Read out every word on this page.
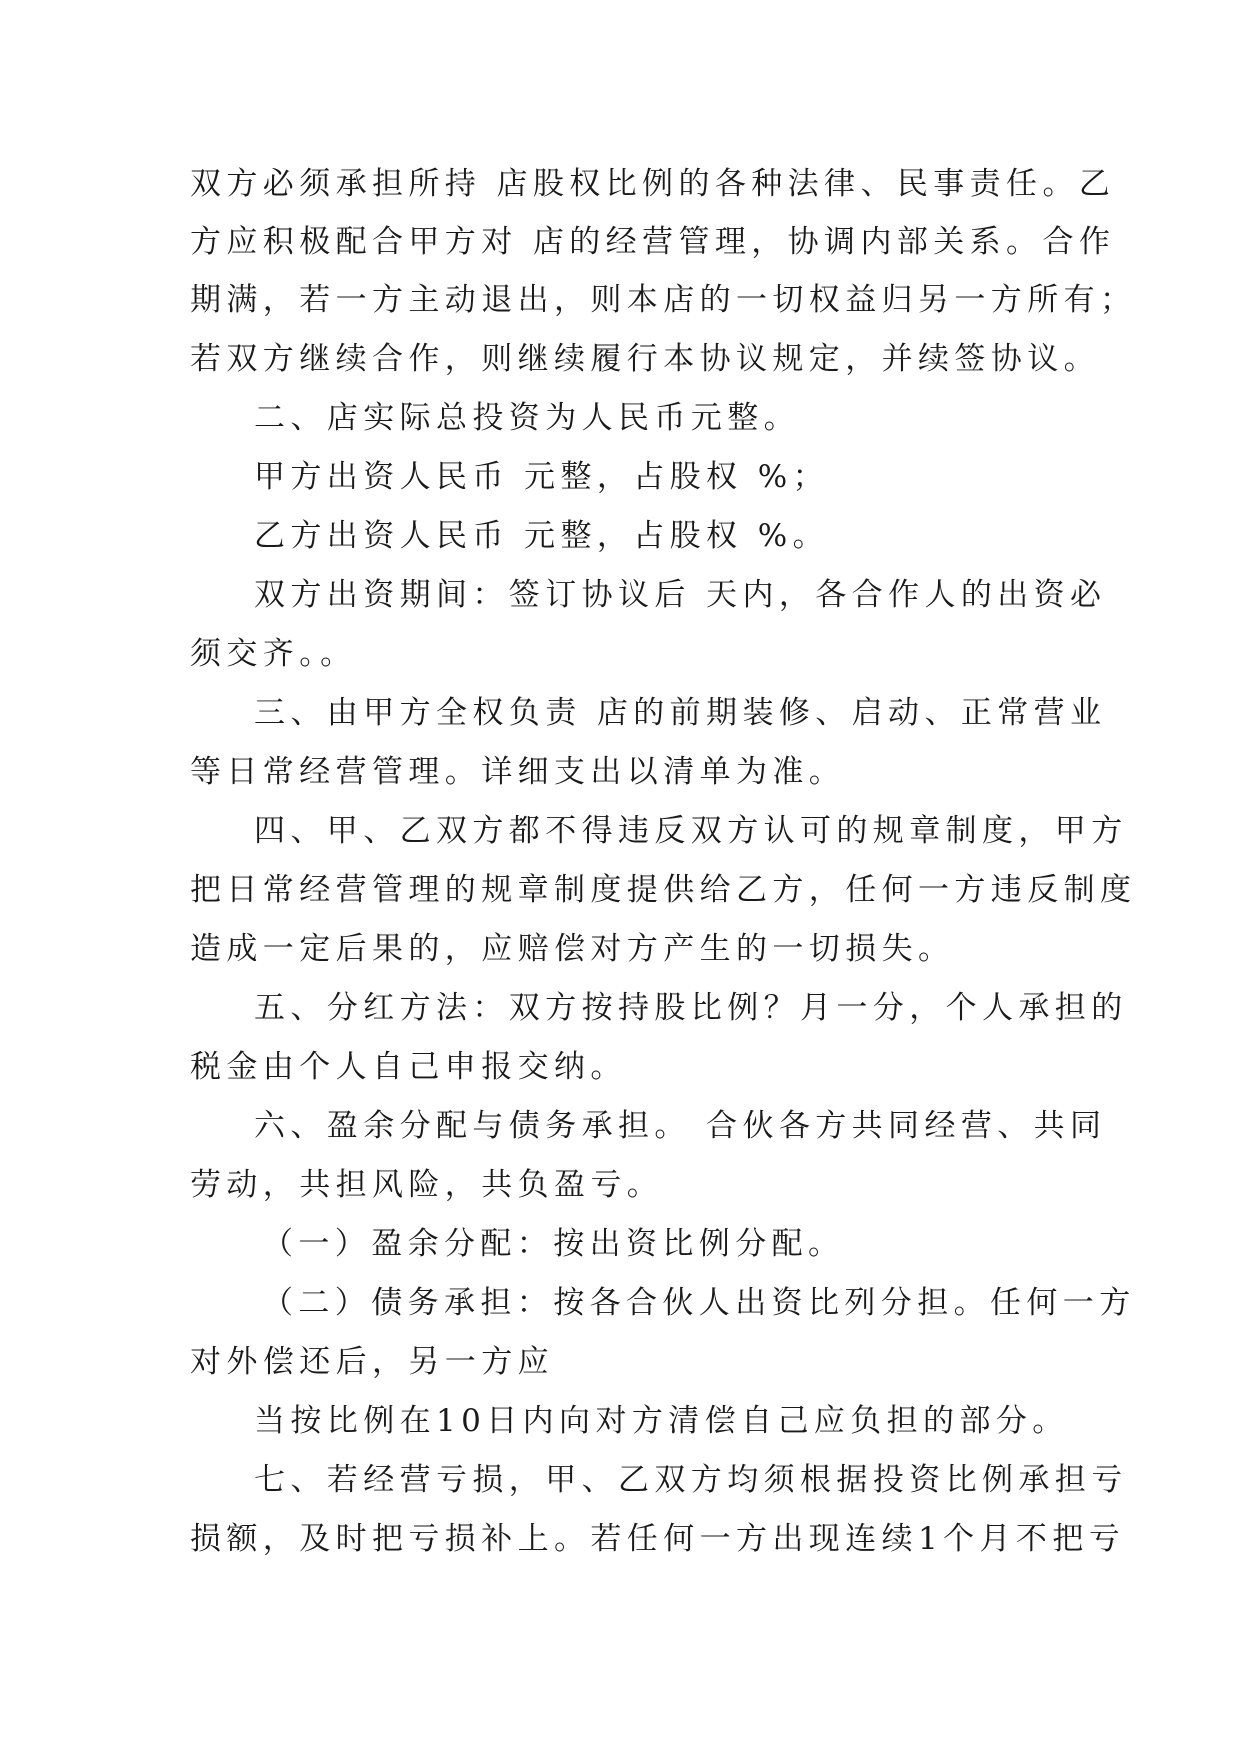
双方必须承担所持 店股权比例的各种法律、民事责任。乙
方应积极配合甲方对 店的经营管理，协调内部关系。合作
期满，若一方主动退出，则本店的一切权益归另一方所有；
若双方继续合作，则继续履行本协议规定，并续签协议。
二、店实际总投资为人民币元整。
甲方出资人民币 元整，占股权 %；
乙方出资人民币 元整，占股权 %。
双方出资期间：签订协议后 天内，各合作人的出资必
须交齐。。
三、由甲方全权负责 店的前期装修、启动、正常营业
等日常经营管理。详细支出以清单为准。
四、甲、乙双方都不得违反双方认可的规章制度，甲方
把日常经营管理的规章制度提供给乙方，任何一方违反制度
造成一定后果的，应赔偿对方产生的一切损失。
五、分红方法：双方按持股比例？月一分，个人承担的
税金由个人自己申报交纳。
六、盈余分配与债务承担。 合伙各方共同经营、共同
劳动，共担风险，共负盈亏。
（一）盈余分配：按出资比例分配。
（二）债务承担：按各合伙人出资比列分担。任何一方
对外偿还后，另一方应
当按比例在10日内向对方清偿自己应负担的部分。
七、若经营亏损，甲、乙双方均须根据投资比例承担亏
损额，及时把亏损补上。若任何一方出现连续1个月不把亏
